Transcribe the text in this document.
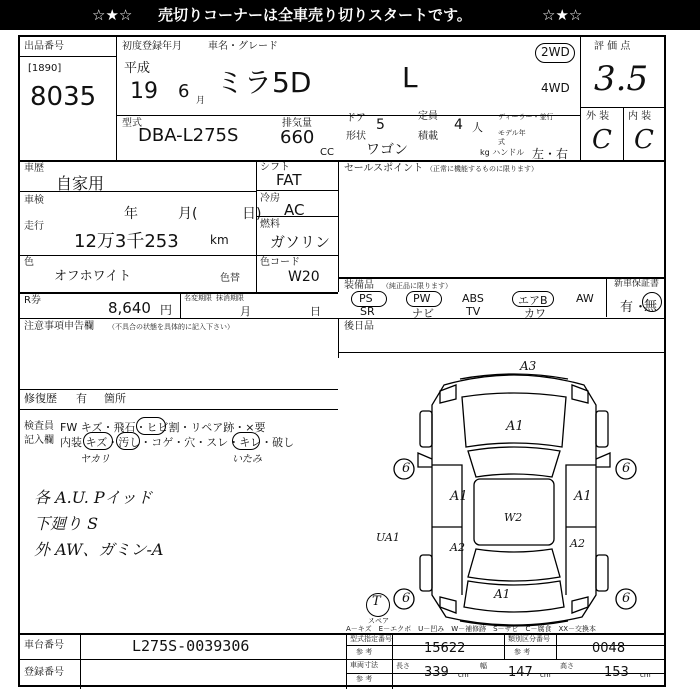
☆★☆ 売切りコーナーは全車売り切りスタートです。	☆★☆
出品番号
[1890]
8035
初度登録年月	車名・グレード
平成
19 6 月
ミラ5D	L
2WD
4WD
評 価 点
3.5
外 装 内 装
C C
型式
DBA-L275S
排気量
660
CC
ドア 5
形状
ワゴン
定員
4 人
積載
ディーラー・並行
モデル年式
kg ハンドル 左・右
車歴
自家用
車検
年	月(	日)
走行
12万3千253	km
シフト
FAT
冷房
AC
燃料
ガソリン
セールスポイント （正常に機能するものに限ります）
色
オフホワイト	色替
色コード
W20
R券	8,640 円
名変期限 抹消期限
月	日
装備品 （純正品に限ります）
PS	PW	ABS	エアB	AW
SR	ナビ	TV	カワ
新車保証書
有 ・
無
注意事項申告欄 （不具合の状態を具体的に記入下さい）	後日品
修復歴 有 箇所
検査員
記入欄
FW キズ・飛石・ヒビ割・リペア跡・×要
内装 キズ・汚し・コゲ・穴・スレ・キレ・破し
ヤカリ	いたみ
各 A.U. Pイッド
下廻り S
外 AW、ガミン‐A
A3
A1
A1	A1
W2
A2	A2
UA1
A1
6	6
6	6
T
スペア
A－キズ　E－エクボ　U－凹み　W－補修跡　S－サビ　C－腐食　XX－交換本
車台番号	L275S-0039306
登録番号
型式指定番号
参 考	15622
類別区分番号
参 考	0048
車両寸法
参 考
長さ 339 cm
幅 147 cm
高さ 153 cm
